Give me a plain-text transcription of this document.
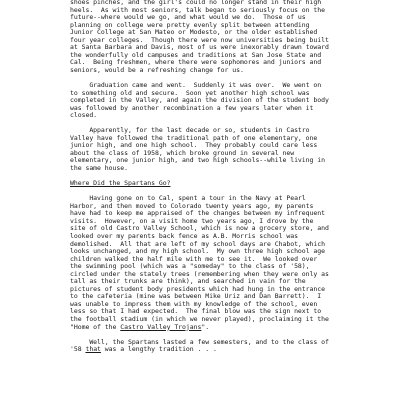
shoes pinches, and the girl's could no longer stand in their high
heels.  As with most seniors, talk began to seriously focus on the
future--where would we go, and what would we do.  Those of us
planning on college were pretty evenly split between attending
Junior College at San Mateo or Modesto, or the older established
four year colleges.  Though there were now universities being built
at Santa Barbara and Davis, most of us were inexorably drawn toward
the wonderfully old campuses and traditions at San Jose State and
Cal.  Being freshmen, where there were sophomores and juniors and
seniors, would be a refreshing change for us.
Graduation came and went.  Suddenly it was over.  We went on
to something old and secure.  Soon yet another high school was
completed in the Valley, and again the division of the student body
was followed by another recombination a few years later when it
closed.
Apparently, for the last decade or so, students in Castro
Valley have followed the traditional path of one elementary, one
junior high, and one high school.  They probably could care less
about the class of 1958, which broke ground in several new
elementary, one junior high, and two high schools--while living in
the same house.
Where Did the Spartans Go?
Having gone on to Cal, spent a tour in the Navy at Pearl
Harbor, and then moved to Colorado twenty years ago, my parents
have had to keep me appraised of the changes between my infrequent
visits.  However, on a visit home two years ago, I drove by the
site of old Castro Valley School, which is now a grocery store, and
looked over my parents back fence as A.B. Morris school was
demolished.  All that are left of my school days are Chabot, which
looks unchanged, and my high school.  My own three high school age
children walked the half mile with me to see it.  We looked over
the swimming pool (which was a "someday" to the class of '58),
circled under the stately trees (remembering when they were only as
tall as their trunks are think), and searched in vain for the
pictures of student body presidents which had hung in the entrance
to the cafeteria (mine was between Mike Uriz and Dan Barrett).  I
was unable to impress them with my knowledge of the school, even
less so that I had expected.  The final blow was the sign next to
the football stadium (in which we never played), proclaiming it the
"Home of the Castro Valley Trojans".
Well, the Spartans lasted a few semesters, and to the class of
'58 that was a lengthy tradition . . .
